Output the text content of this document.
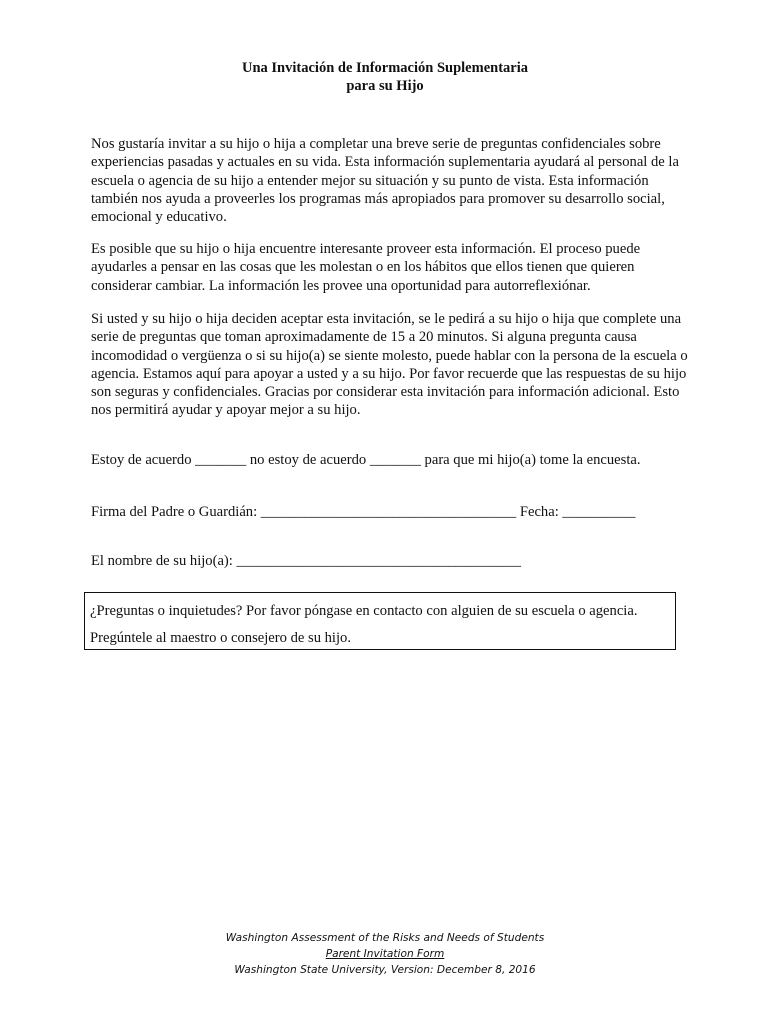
Una Invitación de Información Suplementaria
para su Hijo

Nos gustaría invitar a su hijo o hija a completar una breve serie de preguntas confidenciales sobre experiencias pasadas y actuales en su vida. Esta información suplementaria ayudará al personal de la escuela o agencia de su hijo a entender mejor su situación y su punto de vista. Esta información también nos ayuda a proveerles los programas más apropiados para promover su desarrollo social, emocional y educativo.

Es posible que su hijo o hija encuentre interesante proveer esta información. El proceso puede ayudarles a pensar en las cosas que les molestan o en los hábitos que ellos tienen que quieren considerar cambiar. La información les provee una oportunidad para autorreflexiónar.

Si usted y su hijo o hija deciden aceptar esta invitación, se le pedirá a su hijo o hija que complete una serie de preguntas que toman aproximadamente de 15 a 20 minutos. Si alguna pregunta causa incomodidad o vergüenza o si su hijo(a) se siente molesto, puede hablar con la persona de la escuela o agencia. Estamos aquí para apoyar a usted y a su hijo. Por favor recuerde que las respuestas de su hijo son seguras y confidenciales. Gracias por considerar esta invitación para información adicional. Esto nos permitirá ayudar y apoyar mejor a su hijo.

Estoy de acuerdo _______ no estoy de acuerdo _______ para que mi hijo(a) tome la encuesta.
Firma del Padre o Guardián: ___________________________________ Fecha: __________
El nombre de su hijo(a): _______________________________________
¿Preguntas o inquietudes? Por favor póngase en contacto con alguien de su escuela o agencia.
Pregúntele al maestro o consejero de su hijo.
Washington Assessment of the Risks and Needs of Students
Parent Invitation Form
Washington State University, Version: December 8, 2016
